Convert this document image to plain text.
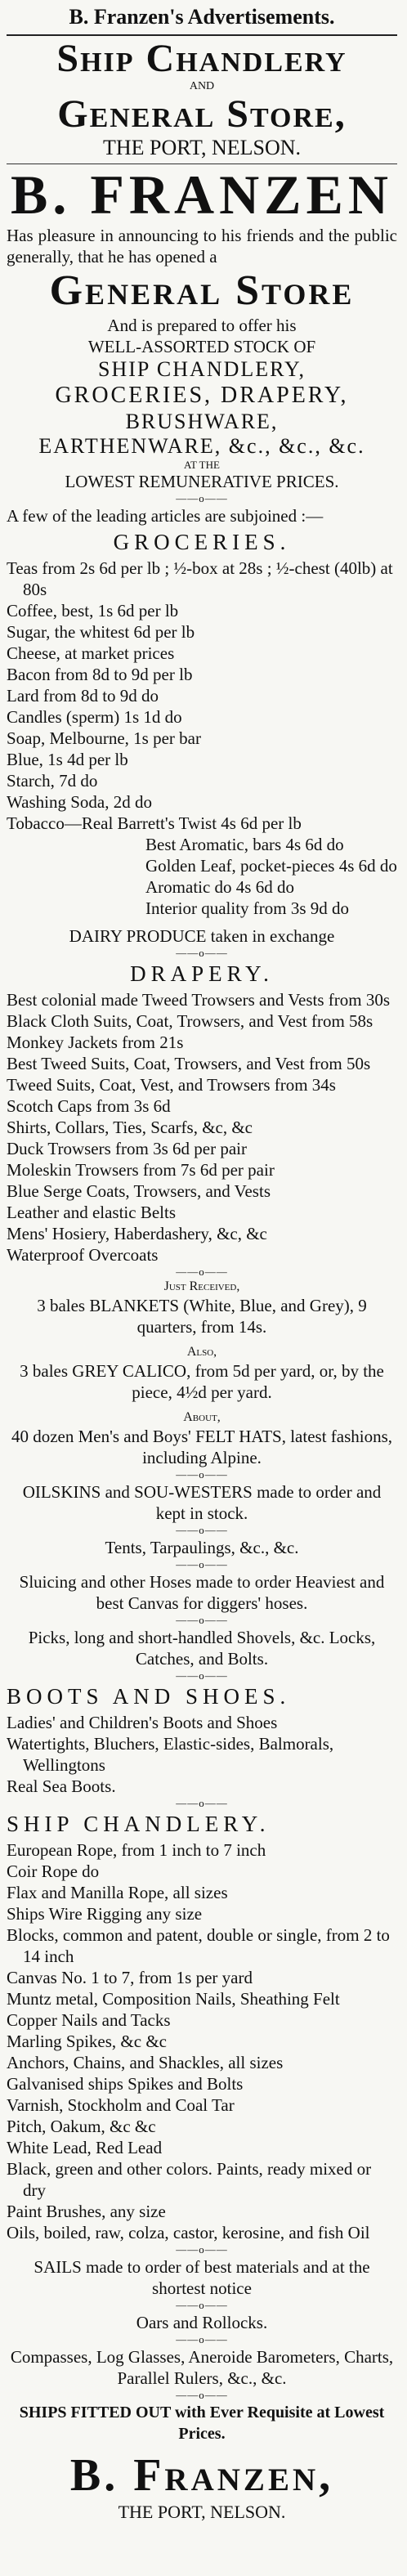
B. Franzen's Advertisements.
Ship Chandlery
AND
General Store,
THE PORT, NELSON.
B. FRANZEN

Has pleasure in announcing to his friends and the public generally, that he has opened a

General Store
And is prepared to offer his
WELL-ASSORTED STOCK OF
SHIP CHANDLERY,
GROCERIES, DRAPERY,
BRUSHWARE,
EARTHENWARE, &c., &c., &c.
AT THE
LOWEST REMUNERATIVE PRICES.
——o——

A few of the leading articles are subjoined :—

GROCERIES.
Teas from 2s 6d per lb ; ½-box at 28s ; ½-chest (40lb) at 80s
Coffee, best, 1s 6d per lb
Sugar, the whitest 6d per lb
Cheese, at market prices
Bacon from 8d to 9d per lb
Lard from 8d to 9d do
Candles (sperm) 1s 1d do
Soap, Melbourne, 1s per bar
Blue, 1s 4d per lb
Starch, 7d do
Washing Soda, 2d do
Tobacco—Real Barrett's Twist 4s 6d per lb
Best Aromatic, bars 4s 6d do
Golden Leaf, pocket-pieces 4s 6d do
Aromatic do 4s 6d do
Interior quality from 3s 9d do
DAIRY PRODUCE taken in exchange
——o——
DRAPERY.
Best colonial made Tweed Trowsers and Vests from 30s
Black Cloth Suits, Coat, Trowsers, and Vest from 58s
Monkey Jackets from 21s
Best Tweed Suits, Coat, Trowsers, and Vest from 50s
Tweed Suits, Coat, Vest, and Trowsers from 34s
Scotch Caps from 3s 6d
Shirts, Collars, Ties, Scarfs, &c, &c
Duck Trowsers from 3s 6d per pair
Moleskin Trowsers from 7s 6d per pair
Blue Serge Coats, Trowsers, and Vests
Leather and elastic Belts
Mens' Hosiery, Haberdashery, &c, &c
Waterproof Overcoats
——o——
Just Received,
3 bales BLANKETS (White, Blue, and Grey), 9 quarters, from 14s.
Also,
3 bales GREY CALICO, from 5d per yard, or, by the piece, 4½d per yard.
About,
40 dozen Men's and Boys' FELT HATS, latest fashions, including Alpine.
——o——
OILSKINS and SOU-WESTERS made to order and kept in stock.
——o——
Tents, Tarpaulings, &c., &c.
——o——
Sluicing and other Hoses made to order Heaviest and best Canvas for diggers' hoses.
——o——
Picks, long and short-handled Shovels, &c. Locks, Catches, and Bolts.
——o——
BOOTS AND SHOES.
Ladies' and Children's Boots and Shoes
Watertights, Bluchers, Elastic-sides, Balmorals, Wellingtons
Real Sea Boots.
——o——
SHIP CHANDLERY.
European Rope, from 1 inch to 7 inch
Coir Rope do
Flax and Manilla Rope, all sizes
Ships Wire Rigging any size
Blocks, common and patent, double or single, from 2 to 14 inch
Canvas No. 1 to 7, from 1s per yard
Muntz metal, Composition Nails, Sheathing Felt
Copper Nails and Tacks
Marling Spikes, &c &c
Anchors, Chains, and Shackles, all sizes
Galvanised ships Spikes and Bolts
Varnish, Stockholm and Coal Tar
Pitch, Oakum, &c &c
White Lead, Red Lead
Black, green and other colors. Paints, ready mixed or dry
Paint Brushes, any size
Oils, boiled, raw, colza, castor, kerosine, and fish Oil
——o——
SAILS made to order of best materials and at the shortest notice
——o——
Oars and Rollocks.
——o——
Compasses, Log Glasses, Aneroide Barometers, Charts, Parallel Rulers, &c., &c.
——o——
SHIPS FITTED OUT with Ever Requisite at Lowest Prices.
B. Franzen,
THE PORT, NELSON.
